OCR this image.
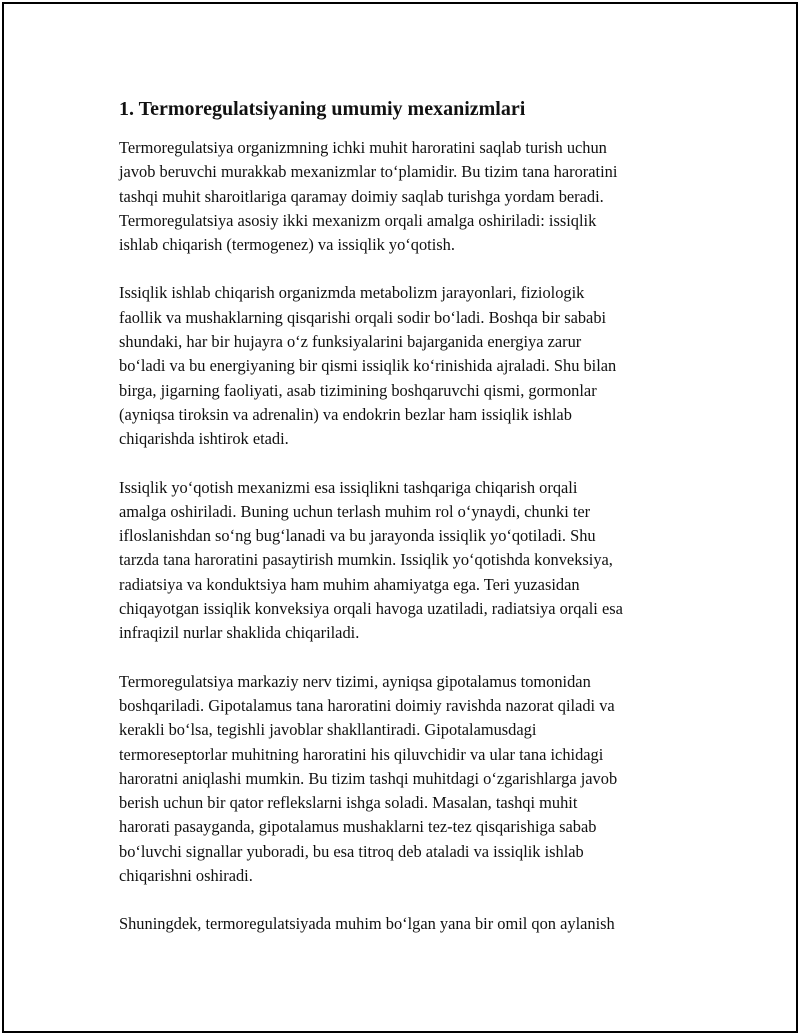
1. Termoregulatsiyaning umumiy mexanizmlari

Termoregulatsiya organizmning ichki muhit haroratini saqlab turish uchun
javob beruvchi murakkab mexanizmlar to‘plamidir. Bu tizim tana haroratini
tashqi muhit sharoitlariga qaramay doimiy saqlab turishga yordam beradi.
Termoregulatsiya asosiy ikki mexanizm orqali amalga oshiriladi: issiqlik
ishlab chiqarish (termogenez) va issiqlik yo‘qotish.

Issiqlik ishlab chiqarish organizmda metabolizm jarayonlari, fiziologik
faollik va mushaklarning qisqarishi orqali sodir bo‘ladi. Boshqa bir sababi
shundaki, har bir hujayra o‘z funksiyalarini bajarganida energiya zarur
bo‘ladi va bu energiyaning bir qismi issiqlik ko‘rinishida ajraladi. Shu bilan
birga, jigarning faoliyati, asab tizimining boshqaruvchi qismi, gormonlar
(ayniqsa tiroksin va adrenalin) va endokrin bezlar ham issiqlik ishlab
chiqarishda ishtirok etadi.

Issiqlik yo‘qotish mexanizmi esa issiqlikni tashqariga chiqarish orqali
amalga oshiriladi. Buning uchun terlash muhim rol o‘ynaydi, chunki ter
ifloslanishdan so‘ng bug‘lanadi va bu jarayonda issiqlik yo‘qotiladi. Shu
tarzda tana haroratini pasaytirish mumkin. Issiqlik yo‘qotishda konveksiya,
radiatsiya va konduktsiya ham muhim ahamiyatga ega. Teri yuzasidan
chiqayotgan issiqlik konveksiya orqali havoga uzatiladi, radiatsiya orqali esa
infraqizil nurlar shaklida chiqariladi.

Termoregulatsiya markaziy nerv tizimi, ayniqsa gipotalamus tomonidan
boshqariladi. Gipotalamus tana haroratini doimiy ravishda nazorat qiladi va
kerakli bo‘lsa, tegishli javoblar shakllantiradi. Gipotalamusdagi
termoreseptorlar muhitning haroratini his qiluvchidir va ular tana ichidagi
haroratni aniqlashi mumkin. Bu tizim tashqi muhitdagi o‘zgarishlarga javob
berish uchun bir qator reflekslarni ishga soladi. Masalan, tashqi muhit
harorati pasayganda, gipotalamus mushaklarni tez-tez qisqarishiga sabab
bo‘luvchi signallar yuboradi, bu esa titroq deb ataladi va issiqlik ishlab
chiqarishni oshiradi.

Shuningdek, termoregulatsiyada muhim bo‘lgan yana bir omil qon aylanish
